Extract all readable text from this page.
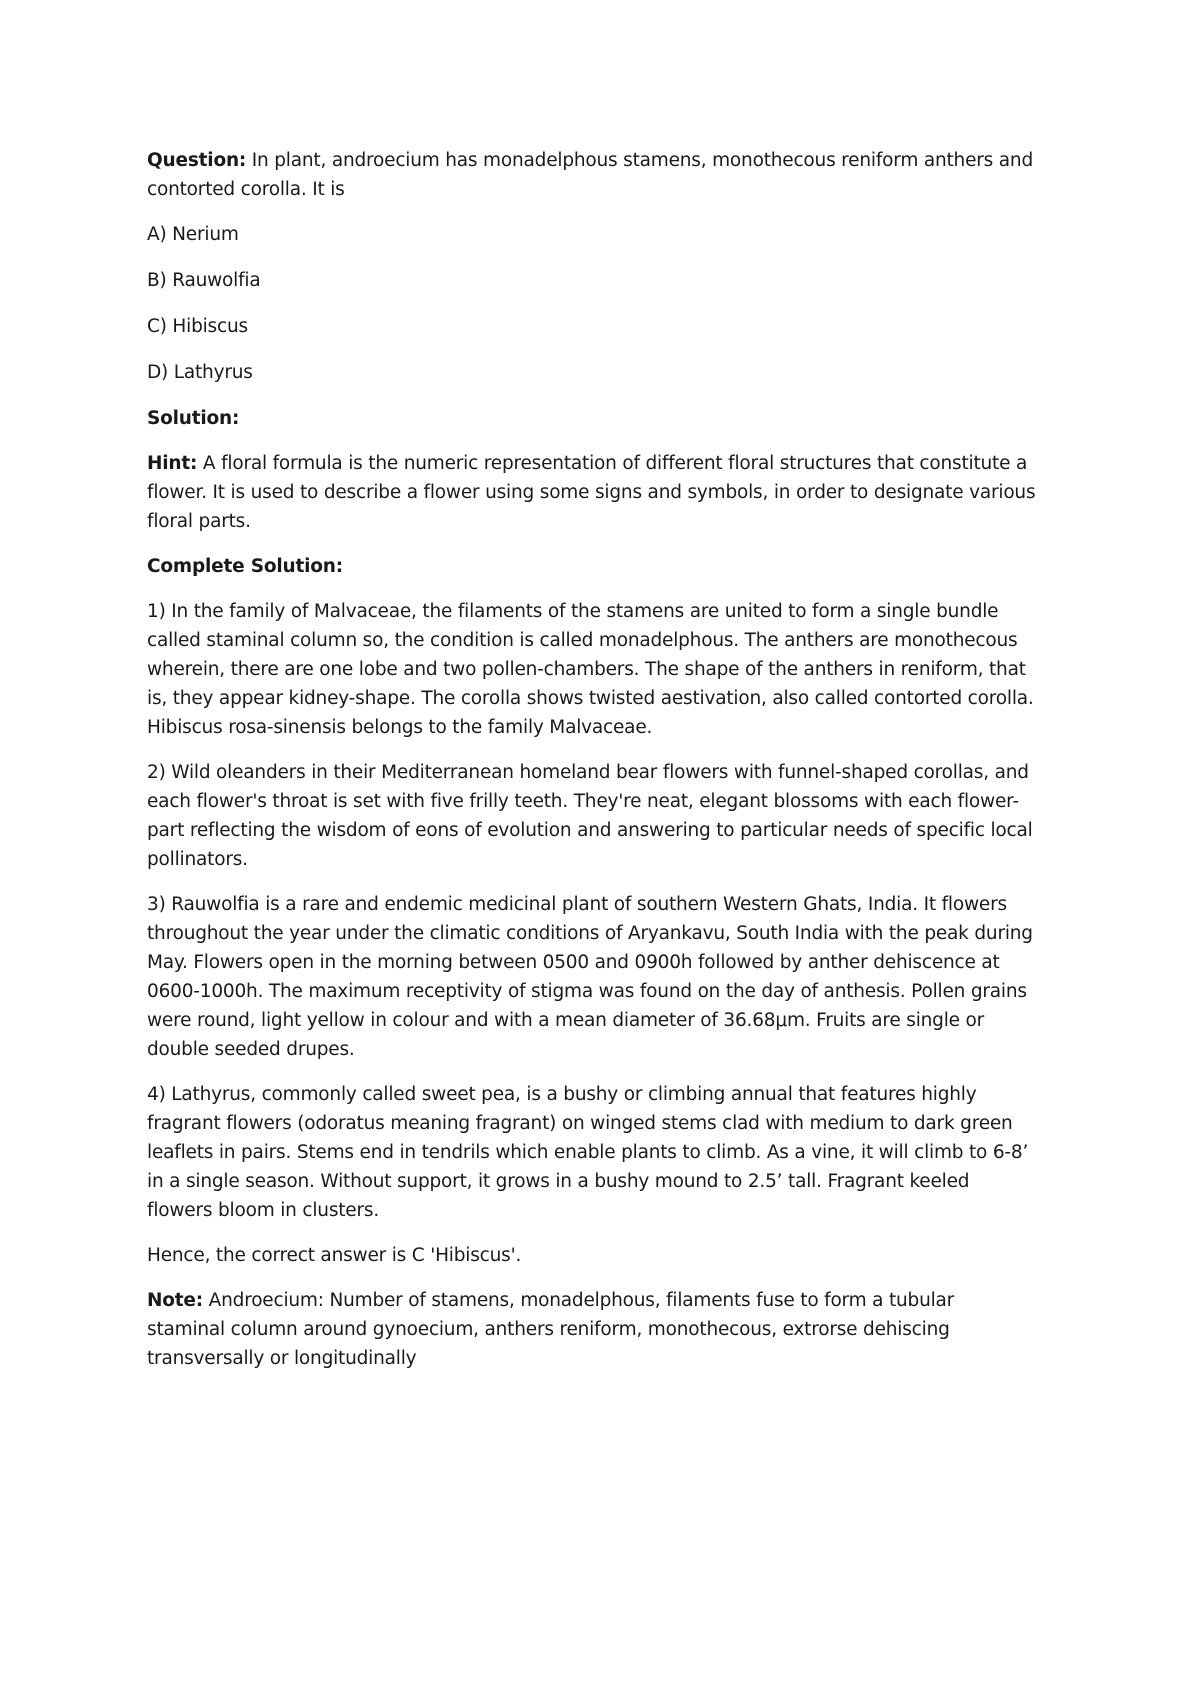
Question: In plant, androecium has monadelphous stamens, monothecous reniform anthers and contorted corolla. It is

A) Nerium

B) Rauwolfia

C) Hibiscus

D) Lathyrus

Solution:

Hint: A floral formula is the numeric representation of different floral structures that constitute a flower. It is used to describe a flower using some signs and symbols, in order to designate various floral parts.

Complete Solution:

1) In the family of Malvaceae, the filaments of the stamens are united to form a single bundle called staminal column so, the condition is called monadelphous. The anthers are monothecous wherein, there are one lobe and two pollen-chambers. The shape of the anthers in reniform, that is, they appear kidney-shape. The corolla shows twisted aestivation, also called contorted corolla. Hibiscus rosa-sinensis belongs to the family Malvaceae.

2) Wild oleanders in their Mediterranean homeland bear flowers with funnel-shaped corollas, and each flower's throat is set with five frilly teeth. They're neat, elegant blossoms with each flower-part reflecting the wisdom of eons of evolution and answering to particular needs of specific local pollinators.

3) Rauwolfia is a rare and endemic medicinal plant of southern Western Ghats, India. It flowers throughout the year under the climatic conditions of Aryankavu, South India with the peak during May. Flowers open in the morning between 0500 and 0900h followed by anther dehiscence at 0600-1000h. The maximum receptivity of stigma was found on the day of anthesis. Pollen grains were round, light yellow in colour and with a mean diameter of 36.68μm. Fruits are single or double seeded drupes.

4) Lathyrus, commonly called sweet pea, is a bushy or climbing annual that features highly fragrant flowers (odoratus meaning fragrant) on winged stems clad with medium to dark green leaflets in pairs. Stems end in tendrils which enable plants to climb. As a vine, it will climb to 6-8’ in a single season. Without support, it grows in a bushy mound to 2.5’ tall. Fragrant keeled flowers bloom in clusters.

Hence, the correct answer is C 'Hibiscus'.

Note: Androecium: Number of stamens, monadelphous, filaments fuse to form a tubular staminal column around gynoecium, anthers reniform, monothecous, extrorse dehiscing transversally or longitudinally
